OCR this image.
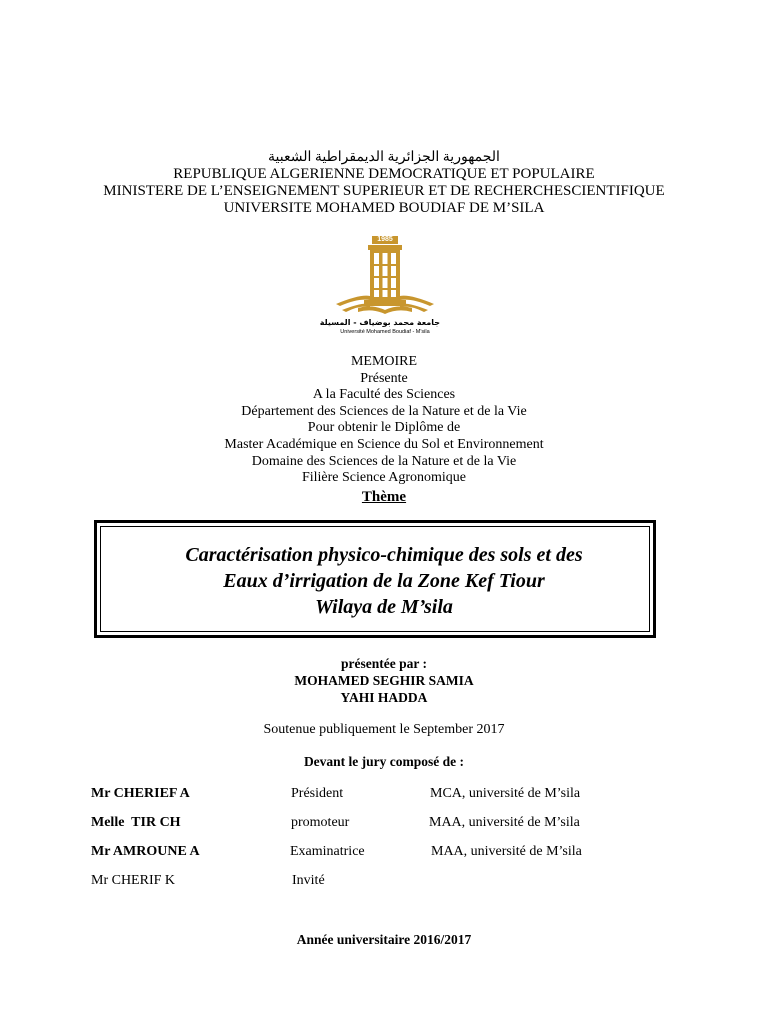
الجمهورية الجزائرية الديمقراطية الشعبية
REPUBLIQUE ALGERIENNE DEMOCRATIQUE ET POPULAIRE
MINISTERE DE L’ENSEIGNEMENT SUPERIEUR ET DE RECHERCHESCIENTIFIQUE
UNIVERSITE MOHAMED BOUDIAF DE M’SILA
1985
جامعة محمد بوضياف - المسيلة
Université Mohamed Boudiaf - M'sila
MEMOIRE
Présente
A la Faculté des Sciences
Département des Sciences de la Nature et de la Vie
Pour obtenir le Diplôme de
Master Académique en Science du Sol et Environnement
Domaine des Sciences de la Nature et de la Vie
Filière Science Agronomique
Thème
Caractérisation physico-chimique des sols et des
Eaux d’irrigation de la Zone Kef Tiour
Wilaya de M’sila
présentée par :
MOHAMED SEGHIR SAMIA
YAHI HADDA
Soutenue publiquement le September 2017
Devant le jury composé de :
Mr CHERIEF A	Président	MCA, université de M’sila
Melle  TIR CH	promoteur	MAA, université de M’sila
Mr AMROUNE A	Examinatrice	MAA, université de M’sila
Mr CHERIF K	Invité
Année universitaire 2016/2017
